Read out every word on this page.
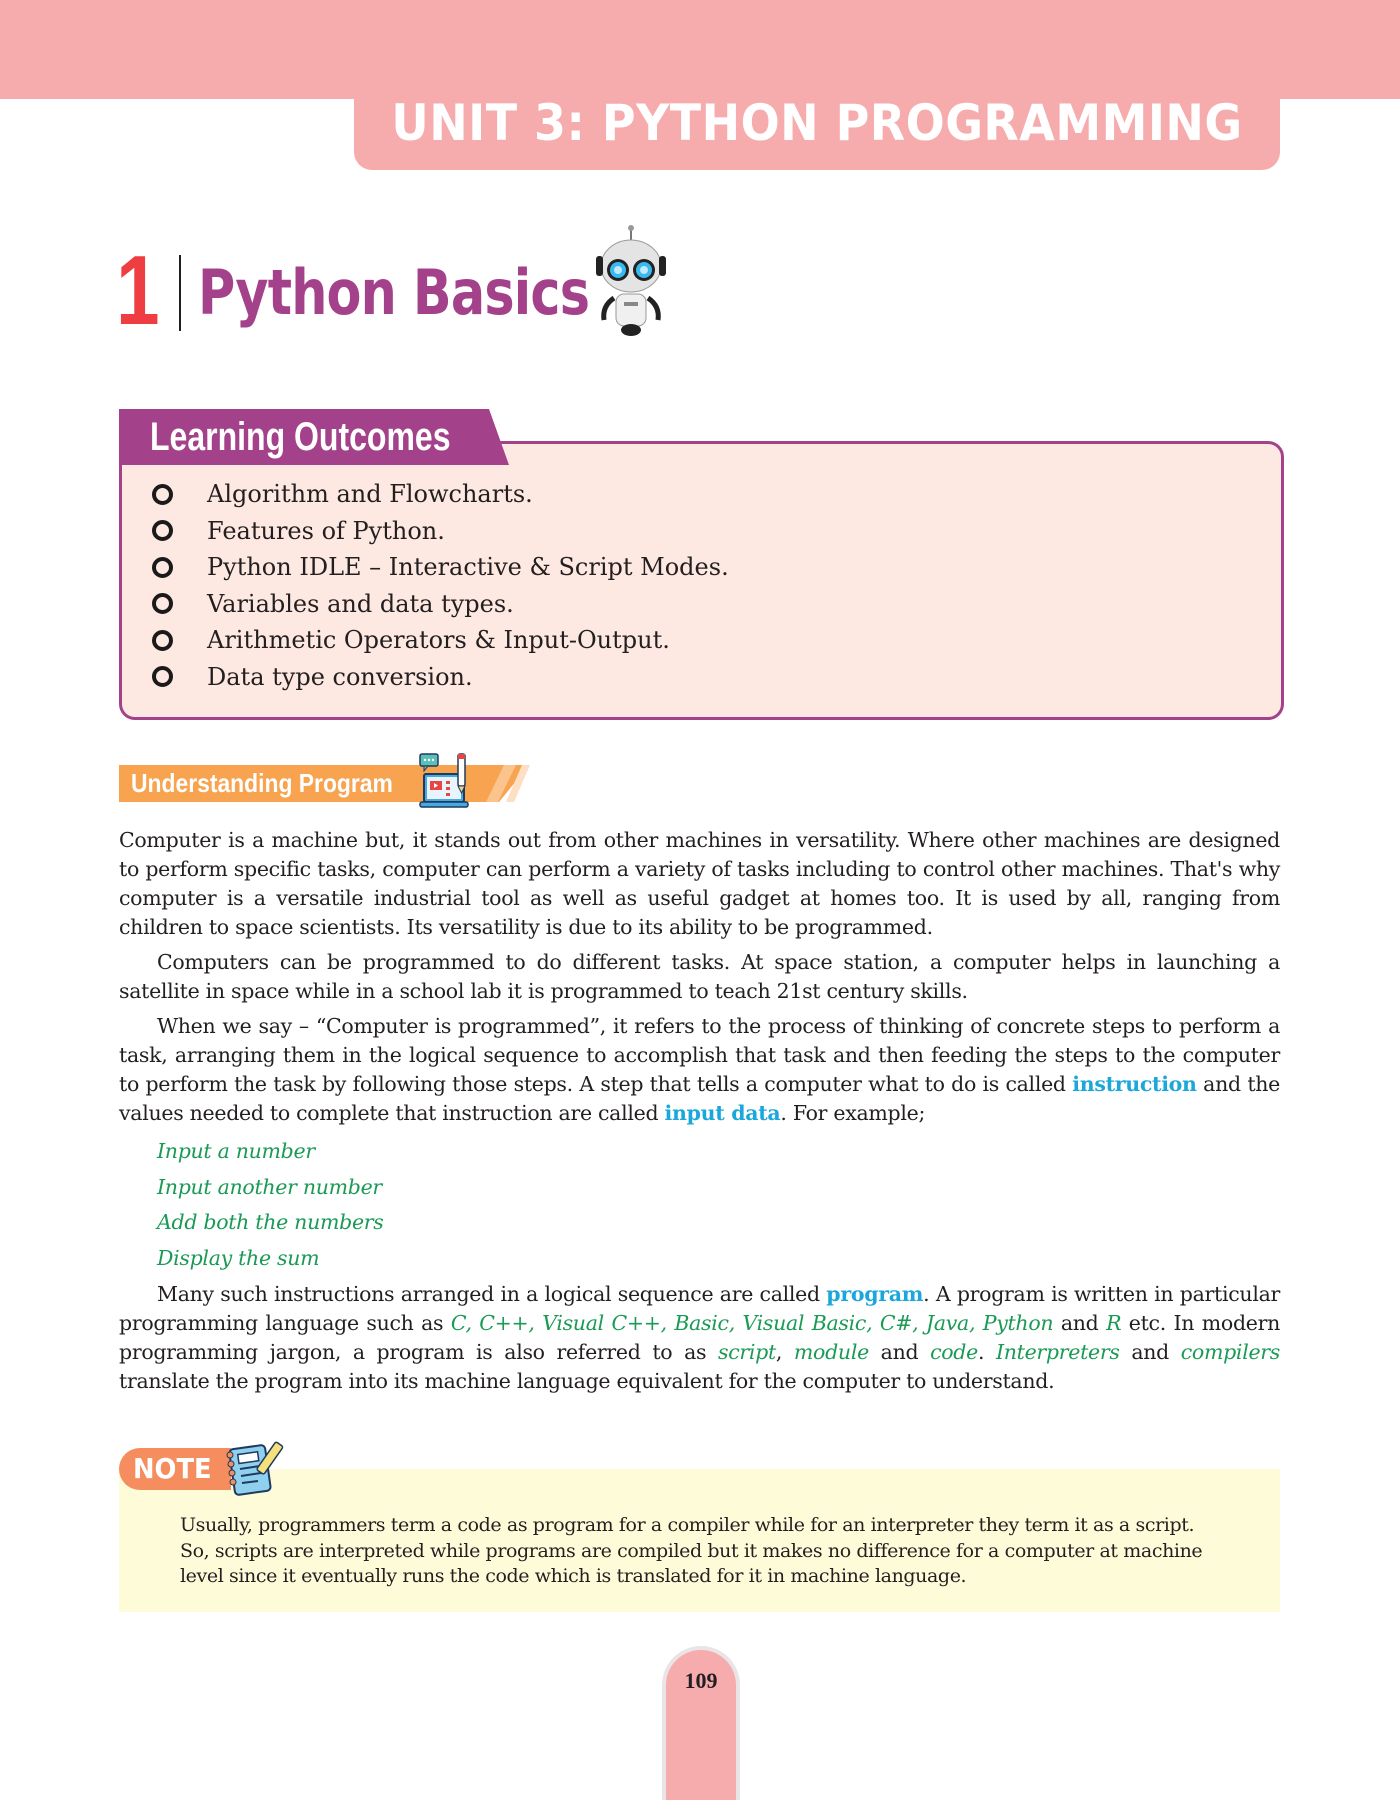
UNIT 3: PYTHON PROGRAMMING
1 Python Basics
Learning Outcomes
Algorithm and Flowcharts.
Features of Python.
Python IDLE – Interactive & Script Modes.
Variables and data types.
Arithmetic Operators & Input-Output.
Data type conversion.
Understanding Program

Computer is a machine but, it stands out from other machines in versatility. Where other machines are designed to perform specific tasks, computer can perform a variety of tasks including to control other machines. That's why computer is a versatile industrial tool as well as useful gadget at homes too. It is used by all, ranging from children to space scientists. Its versatility is due to its ability to be programmed.

Computers can be programmed to do different tasks. At space station, a computer helps in launching a satellite in space while in a school lab it is programmed to teach 21st century skills.

When we say – “Computer is programmed”, it refers to the process of thinking of concrete steps to perform a task, arranging them in the logical sequence to accomplish that task and then feeding the steps to the computer to perform the task by following those steps. A step that tells a computer what to do is called instruction and the values needed to complete that instruction are called input data. For example;

Input a number
Input another number
Add both the numbers
Display the sum

Many such instructions arranged in a logical sequence are called program. A program is written in particular programming language such as C, C++, Visual C++, Basic, Visual Basic, C#, Java, Python and R etc. In modern programming jargon, a program is also referred to as script, module and code. Interpreters and compilers translate the program into its machine language equivalent for the computer to understand.

NOTE
Usually, programmers term a code as program for a compiler while for an interpreter they term it as a script.
So, scripts are interpreted while programs are compiled but it makes no difference for a computer at machine
level since it eventually runs the code which is translated for it in machine language.
109
